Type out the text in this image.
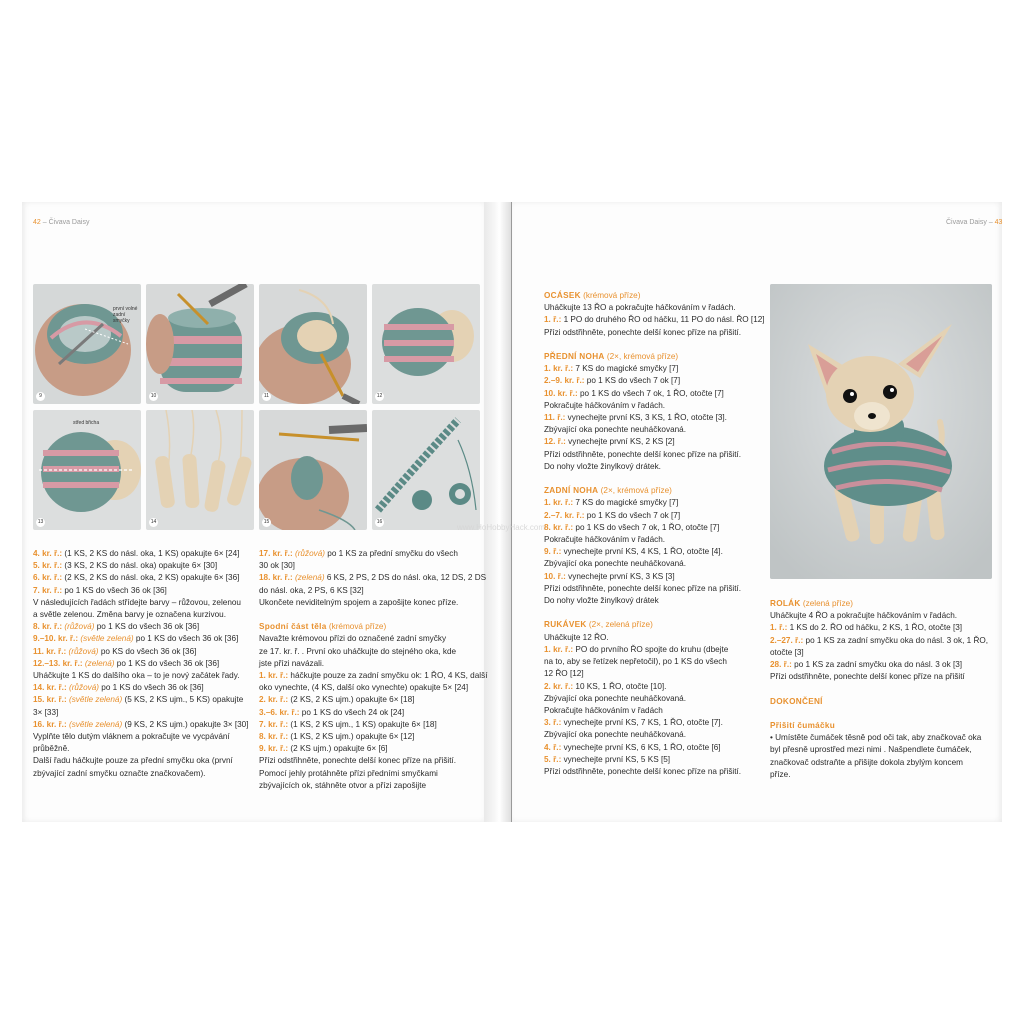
42 – Čivava Daisy	Čivava Daisy – 43
první volné zadní smyčky
9	10	11	12
střed břicha
13	14	15	16
www.HoHobbyHack.com
4. kr. ř.: (1 KS, 2 KS do násl. oka, 1 KS) opakujte 6× [24]
5. kr. ř.: (3 KS, 2 KS do násl. oka) opakujte 6× [30]
6. kr. ř.: (2 KS, 2 KS do násl. oka, 2 KS) opakujte 6× [36]
7. kr. ř.: po 1 KS do všech 36 ok [36]
V následujících řadách střídejte barvy – růžovou, zelenou
a světle zelenou. Změna barvy je označena kurzivou.
8. kr. ř.: (růžová) po 1 KS do všech 36 ok [36]
9.–10. kr. ř.: (světle zelená) po 1 KS do všech 36 ok [36]
11. kr. ř.: (růžová) po KS do všech 36 ok [36]
12.–13. kr. ř.: (zelená) po 1 KS do všech 36 ok [36]
Uháčkujte 1 KS do dalšího oka – to je nový začátek řady.
14. kr. ř.: (růžová) po 1 KS do všech 36 ok [36]
15. kr. ř.: (světle zelená) (5 KS, 2 KS ujm., 5 KS) opakujte
3× [33]
16. kr. ř.: (světle zelená) (9 KS, 2 KS ujm.) opakujte 3× [30]
Vyplňte tělo dutým vláknem a pokračujte ve vycpávání
průběžně.
Další řadu háčkujte pouze za přední smyčku oka (první
zbývající zadní smyčku označte značkovačem).
17. kr. ř.: (růžová) po 1 KS za přední smyčku do všech
30 ok [30]
18. kr. ř.: (zelená) 6 KS, 2 PS, 2 DS do násl. oka, 12 DS, 2 DS
do násl. oka, 2 PS, 6 KS [32]
Ukončete neviditelným spojem a zapošijte konec příze.

Spodní část těla (krémová příze)
Navažte krémovou přízi do označené zadní smyčky
ze 17. kr. ř. . První oko uháčkujte do stejného oka, kde
jste přízi navázali.
1. kr. ř.: háčkujte pouze za zadní smyčku ok: 1 ŘO, 4 KS, další
oko vynechte, (4 KS, další oko vynechte) opakujte 5× [24]
2. kr. ř.: (2 KS, 2 KS ujm.) opakujte 6× [18]
3.–6. kr. ř.: po 1 KS do všech 24 ok [24]
7. kr. ř.: (1 KS, 2 KS ujm., 1 KS) opakujte 6× [18]
8. kr. ř.: (1 KS, 2 KS ujm.) opakujte 6× [12]
9. kr. ř.: (2 KS ujm.) opakujte 6× [6]
Přízi odstřihněte, ponechte delší konec příze na přišití.
Pomocí jehly protáhněte přízi předními smyčkami
zbývajících ok, stáhněte otvor a přízi zapošijte
OCÁSEK (krémová příze)
Uháčkujte 13 ŘO a pokračujte háčkováním v řadách.
1. ř.: 1 PO do druhého ŘO od háčku, 11 PO do násl. ŘO [12]
Přízi odstřihněte, ponechte delší konec příze na přišití.

PŘEDNÍ NOHA (2×, krémová příze)
1. kr. ř.: 7 KS do magické smyčky [7]
2.–9. kr. ř.: po 1 KS do všech 7 ok [7]
10. kr. ř.: po 1 KS do všech 7 ok, 1 ŘO, otočte [7]
Pokračujte háčkováním v řadách.
11. ř.: vynechejte první KS, 3 KS, 1 ŘO, otočte [3].
Zbývající oka ponechte neuháčkovaná.
12. ř.: vynechejte první KS, 2 KS [2]
Přízi odstřihněte, ponechte delší konec příze na přišití.
Do nohy vložte žinylkový drátek.

ZADNÍ NOHA (2×, krémová příze)
1. kr. ř.: 7 KS do magické smyčky [7]
2.–7. kr. ř.: po 1 KS do všech 7 ok [7]
8. kr. ř.: po 1 KS do všech 7 ok, 1 ŘO, otočte [7]
Pokračujte háčkováním v řadách.
9. ř.: vynechejte první KS, 4 KS, 1 ŘO, otočte [4].
Zbývající oka ponechte neuháčkovaná.
10. ř.: vynechejte první KS, 3 KS [3]
Přízi odstřihněte, ponechte delší konec příze na přišití.
Do nohy vložte žinylkový drátek

RUKÁVEK (2×, zelená příze)
Uháčkujte 12 ŘO.
1. kr. ř.: PO do prvního ŘO spojte do kruhu (dbejte
na to, aby se řetízek nepřetočil), po 1 KS do všech
12 ŘO [12]
2. kr. ř.: 10 KS, 1 ŘO, otočte [10].
Zbývající oka ponechte neuháčkovaná.
Pokračujte háčkováním v řadách
3. ř.: vynechejte první KS, 7 KS, 1 ŘO, otočte [7].
Zbývající oka ponechte neuháčkovaná.
4. ř.: vynechejte první KS, 6 KS, 1 ŘO, otočte [6]
5. ř.: vynechejte první KS, 5 KS [5]
Přízi odstřihněte, ponechte delší konec příze na přišití.
ROLÁK (zelená příze)
Uháčkujte 4 ŘO a pokračujte háčkováním v řadách.
1. ř.: 1 KS do 2. ŘO od háčku, 2 KS, 1 ŘO, otočte [3]
2.–27. ř.: po 1 KS za zadní smyčku oka do násl. 3 ok, 1 ŘO,
otočte [3]
28. ř.: po 1 KS za zadní smyčku oka do násl. 3 ok [3]
Přízi odstřihněte, ponechte delší konec příze na přišití

DOKONČENÍ

Přišití čumáčku
• Umístěte čumáček těsně pod oči tak, aby značkovač oka
byl přesně uprostřed mezi nimi . Našpendlete čumáček,
značkovač odstraňte a přišijte dokola zbylým koncem
příze.
